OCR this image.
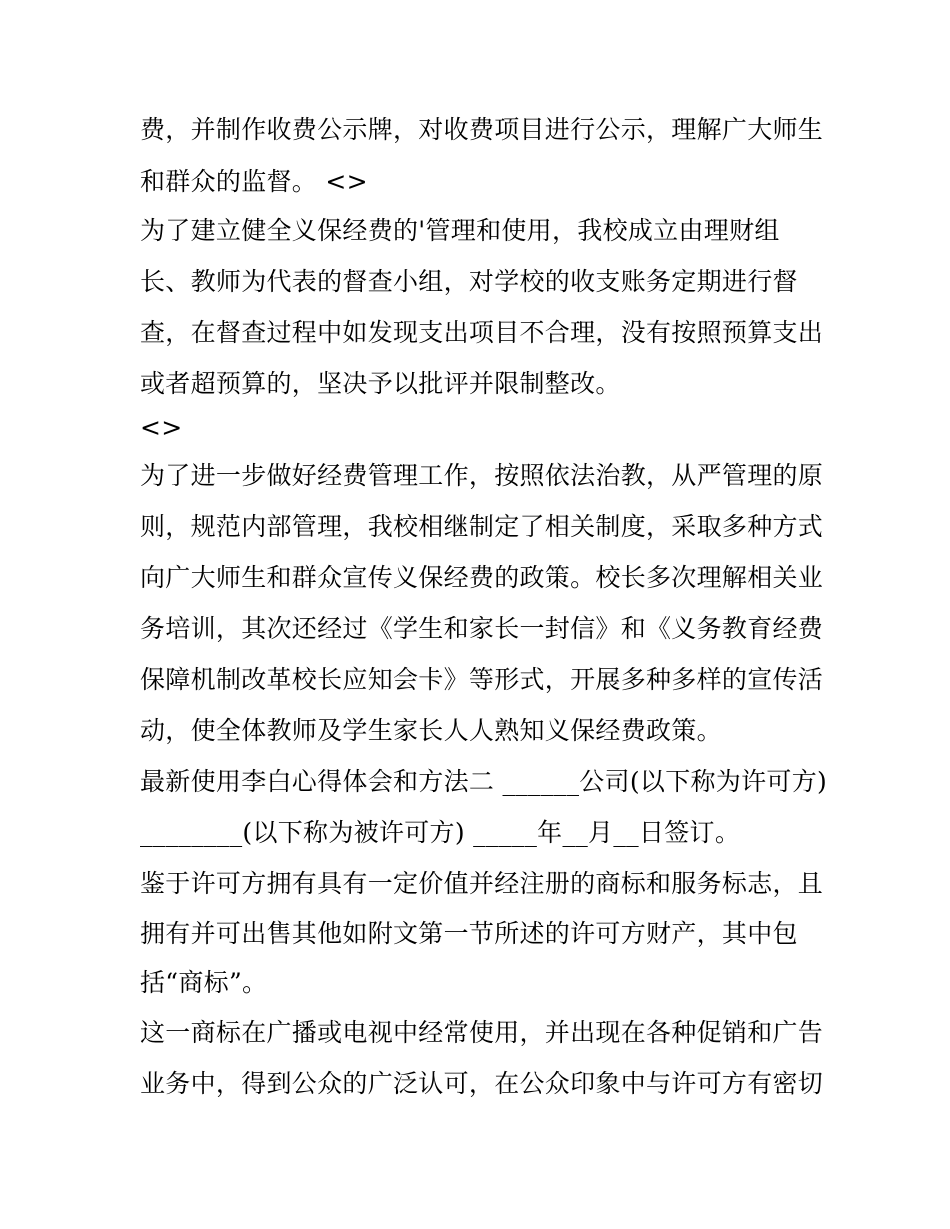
费，并制作收费公示牌，对收费项目进行公示，理解广大师生
和群众的监督。 <>
为了建立健全义保经费的'管理和使用，我校成立由理财组
长、教师为代表的督查小组，对学校的收支账务定期进行督
查，在督查过程中如发现支出项目不合理，没有按照预算支出
或者超预算的，坚决予以批评并限制整改。
<>
为了进一步做好经费管理工作，按照依法治教，从严管理的原
则，规范内部管理，我校相继制定了相关制度，采取多种方式
向广大师生和群众宣传义保经费的政策。校长多次理解相关业
务培训，其次还经过《学生和家长一封信》和《义务教育经费
保障机制改革校长应知会卡》等形式，开展多种多样的宣传活
动，使全体教师及学生家长人人熟知义保经费政策。
最新使用李白心得体会和方法二 ______公司(以下称为许可方)
________(以下称为被许可方) _____年__月__日签订。
鉴于许可方拥有具有一定价值并经注册的商标和服务标志，且
拥有并可出售其他如附文第一节所述的许可方财产，其中包
括“商标”。
这一商标在广播或电视中经常使用，并出现在各种促销和广告
业务中，得到公众的广泛认可，在公众印象中与许可方有密切
